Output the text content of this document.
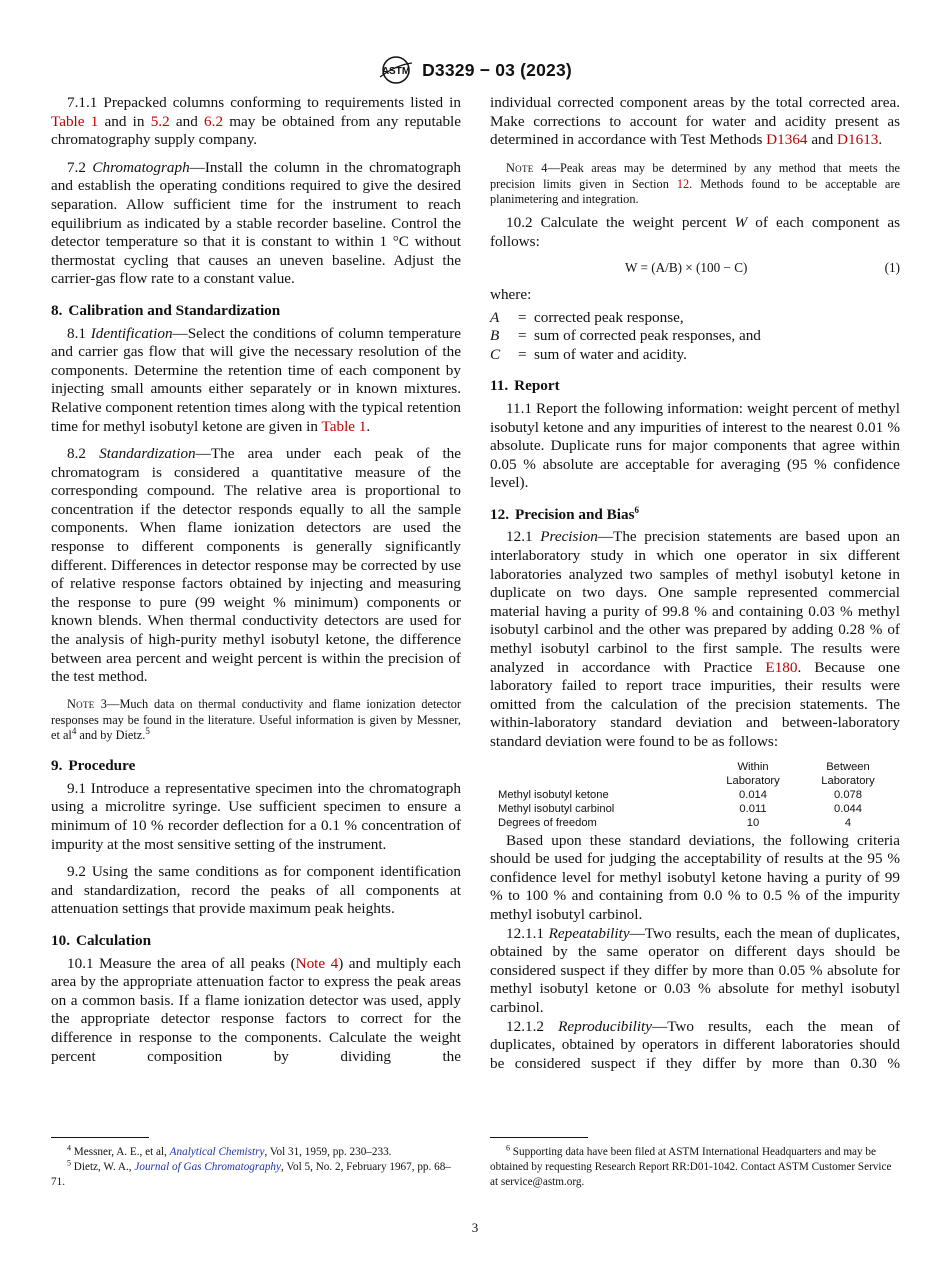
ASTM D3329 − 03 (2023)

7.1.1 Prepacked columns conforming to requirements listed in Table 1 and in 5.2 and 6.2 may be obtained from any reputable chromatography supply company.

7.2 Chromatograph—Install the column in the chromatograph and establish the operating conditions required to give the desired separation. Allow sufficient time for the instrument to reach equilibrium as indicated by a stable recorder baseline. Control the detector temperature so that it is constant to within 1 °C without thermostat cycling that causes an uneven baseline. Adjust the carrier-gas flow rate to a constant value.

8. Calibration and Standardization

8.1 Identification—Select the conditions of column temperature and carrier gas flow that will give the necessary resolution of the components. Determine the retention time of each component by injecting small amounts either separately or in known mixtures. Relative component retention times along with the typical retention time for methyl isobutyl ketone are given in Table 1.

8.2 Standardization—The area under each peak of the chromatogram is considered a quantitative measure of the corresponding compound. The relative area is proportional to concentration if the detector responds equally to all the sample components. When flame ionization detectors are used the response to different components is generally significantly different. Differences in detector response may be corrected by use of relative response factors obtained by injecting and measuring the response to pure (99 weight % minimum) components or known blends. When thermal conductivity detectors are used for the analysis of high-purity methyl isobutyl ketone, the difference between area percent and weight percent is within the precision of the test method.

Note 3—Much data on thermal conductivity and flame ionization detector responses may be found in the literature. Useful information is given by Messner, et $al^4$ and by Dietz.$^5$

9. Procedure

9.1 Introduce a representative specimen into the chromatograph using a microlitre syringe. Use sufficient specimen to ensure a minimum of 10 % recorder deflection for a 0.1 % concentration of impurity at the most sensitive setting of the instrument.

9.2 Using the same conditions as for component identification and standardization, record the peaks of all components at attenuation settings that provide maximum peak heights.

10. Calculation

10.1 Measure the area of all peaks (Note 4) and multiply each area by the appropriate attenuation factor to express the peak areas on a common basis. If a flame ionization detector was used, apply the appropriate detector response factors to correct for the difference in response to the components. Calculate the weight percent composition by dividing the

individual corrected component areas by the total corrected area. Make corrections to account for water and acidity present as determined in accordance with Test Methods D1364 and D1613.

Note 4—Peak areas may be determined by any method that meets the precision limits given in Section 12. Methods found to be acceptable are planimetering and integration.

10.2 Calculate the weight percent W of each component as follows:

W = (A/B) × (100 − C)	(1)

where:

A	= corrected peak response,
B	= sum of corrected peak responses, and
C	= sum of water and acidity.
11. Report

11.1 Report the following information: weight percent of methyl isobutyl ketone and any impurities of interest to the nearest 0.01 % absolute. Duplicate runs for major components that agree within 0.05 % absolute are acceptable for averaging (95 % confidence level).

12. Precision and Bias$^6$

12.1 Precision—The precision statements are based upon an interlaboratory study in which one operator in six different laboratories analyzed two samples of methyl isobutyl ketone in duplicate on two days. One sample represented commercial material having a purity of 99.8 % and containing 0.03 % methyl isobutyl carbinol and the other was prepared by adding 0.28 % of methyl isobutyl carbinol to the first sample. The results were analyzed in accordance with Practice E180. Because one laboratory failed to report trace impurities, their results were omitted from the calculation of the precision statements. The within-laboratory standard deviation and between-laboratory standard deviation were found to be as follows:

	Within
Laboratory	Between
Laboratory
Methyl isobutyl ketone	0.014	0.078
Methyl isobutyl carbinol	0.011	0.044
Degrees of freedom	10	4

Based upon these standard deviations, the following criteria should be used for judging the acceptability of results at the 95 % confidence level for methyl isobutyl ketone having a purity of 99 % to 100 % and containing from 0.0 % to 0.5 % of the impurity methyl isobutyl carbinol.

12.1.1 Repeatability—Two results, each the mean of duplicates, obtained by the same operator on different days should be considered suspect if they differ by more than 0.05 % absolute for methyl isobutyl ketone or 0.03 % absolute for methyl isobutyl carbinol.

12.1.2 Reproducibility—Two results, each the mean of duplicates, obtained by operators in different laboratories should be considered suspect if they differ by more than 0.30 %

$^4$ Messner, A. E., et al, Analytical Chemistry, Vol 31, 1959, pp. 230–233.

$^5$ Dietz, W. A., Journal of Gas Chromatography, Vol 5, No. 2, February 1967, pp. 68–71.

$^6$ Supporting data have been filed at ASTM International Headquarters and may be obtained by requesting Research Report RR:D01-1042. Contact ASTM Customer Service at service@astm.org.

3
